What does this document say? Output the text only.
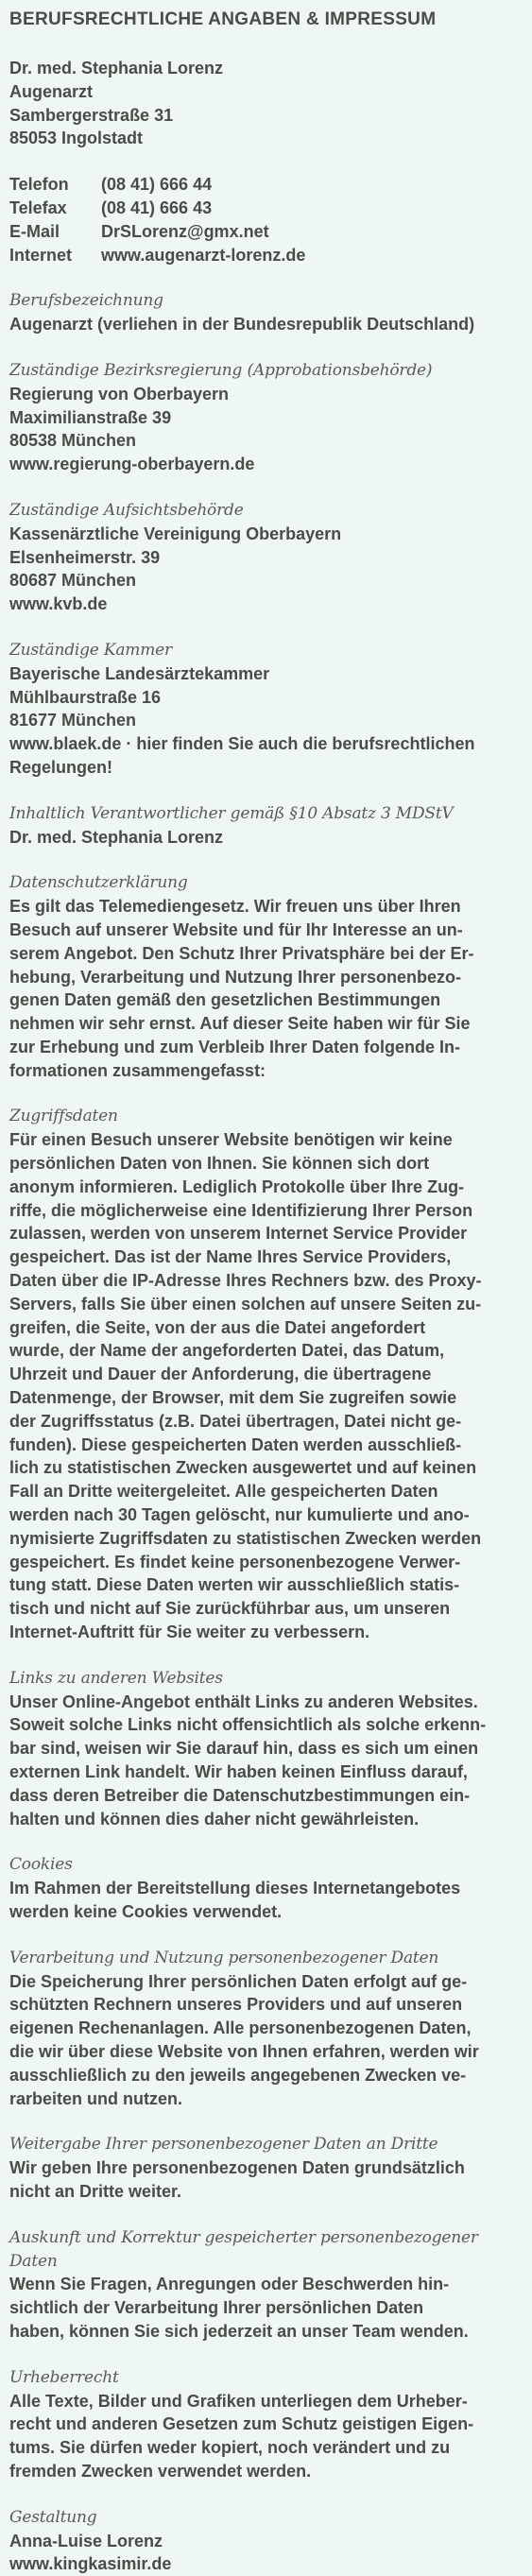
BERUFSRECHTLICHE ANGABEN & IMPRESSUM
Dr. med. Stephania Lorenz
Augenarzt
Sambergerstraße 31
85053 Ingolstadt
Telefon (08 41) 666 44
Telefax (08 41) 666 43
E-Mail DrSLorenz@gmx.net
Internet www.augenarzt-lorenz.de
Berufsbezeichnung
Augenarzt (verliehen in der Bundesrepublik Deutschland)
Zuständige Bezirksregierung (Approbationsbehörde)
Regierung von Oberbayern
Maximilianstraße 39
80538 München
www.regierung-oberbayern.de
Zuständige Aufsichtsbehörde
Kassenärztliche Vereinigung Oberbayern
Elsenheimerstr. 39
80687 München
www.kvb.de
Zuständige Kammer
Bayerische Landesärztekammer
Mühlbaurstraße 16
81677 München
www.blaek.de · hier finden Sie auch die berufsrechtlichen
Regelungen!
Inhaltlich Verantwortlicher gemäß §10 Absatz 3 MDStV
Dr. med. Stephania Lorenz
Datenschutzerklärung
Es gilt das Telemediengesetz. Wir freuen uns über Ihren
Besuch auf unserer Website und für Ihr Interesse an un-
serem Angebot. Den Schutz Ihrer Privatsphäre bei der Er-
hebung, Verarbeitung und Nutzung Ihrer personenbezo-
genen Daten gemäß den gesetzlichen Bestimmungen
nehmen wir sehr ernst. Auf dieser Seite haben wir für Sie
zur Erhebung und zum Verbleib Ihrer Daten folgende In-
formationen zusammengefasst:
Zugriffsdaten
Für einen Besuch unserer Website benötigen wir keine
persönlichen Daten von Ihnen. Sie können sich dort
anonym informieren. Lediglich Protokolle über Ihre Zug-
riffe, die möglicherweise eine Identifizierung Ihrer Person
zulassen, werden von unserem Internet Service Provider
gespeichert. Das ist der Name Ihres Service Providers,
Daten über die IP-Adresse Ihres Rechners bzw. des Proxy-
Servers, falls Sie über einen solchen auf unsere Seiten zu-
greifen, die Seite, von der aus die Datei angefordert
wurde, der Name der angeforderten Datei, das Datum,
Uhrzeit und Dauer der Anforderung, die übertragene
Datenmenge, der Browser, mit dem Sie zugreifen sowie
der Zugriffsstatus (z.B. Datei übertragen, Datei nicht ge-
funden). Diese gespeicherten Daten werden ausschließ-
lich zu statistischen Zwecken ausgewertet und auf keinen
Fall an Dritte weitergeleitet. Alle gespeicherten Daten
werden nach 30 Tagen gelöscht, nur kumulierte und ano-
nymisierte Zugriffsdaten zu statistischen Zwecken werden
gespeichert. Es findet keine personenbezogene Verwer-
tung statt. Diese Daten werten wir ausschließlich statis-
tisch und nicht auf Sie zurückführbar aus, um unseren
Internet-Auftritt für Sie weiter zu verbessern.
Links zu anderen Websites
Unser Online-Angebot enthält Links zu anderen Websites.
Soweit solche Links nicht offensichtlich als solche erkenn-
bar sind, weisen wir Sie darauf hin, dass es sich um einen
externen Link handelt. Wir haben keinen Einfluss darauf,
dass deren Betreiber die Datenschutzbestimmungen ein-
halten und können dies daher nicht gewährleisten.
Cookies
Im Rahmen der Bereitstellung dieses Internetangebotes
werden keine Cookies verwendet.
Verarbeitung und Nutzung personenbezogener Daten
Die Speicherung Ihrer persönlichen Daten erfolgt auf ge-
schützten Rechnern unseres Providers und auf unseren
eigenen Rechenanlagen. Alle personenbezogenen Daten,
die wir über diese Website von Ihnen erfahren, werden wir
ausschließlich zu den jeweils angegebenen Zwecken ve-
rarbeiten und nutzen.
Weitergabe Ihrer personenbezogener Daten an Dritte
Wir geben Ihre personenbezogenen Daten grundsätzlich
nicht an Dritte weiter.
Auskunft und Korrektur gespeicherter personenbezogener Daten
Wenn Sie Fragen, Anregungen oder Beschwerden hin-
sichtlich der Verarbeitung Ihrer persönlichen Daten
haben, können Sie sich jederzeit an unser Team wenden.
Urheberrecht
Alle Texte, Bilder und Grafiken unterliegen dem Urheber-
recht und anderen Gesetzen zum Schutz geistigen Eigen-
tums. Sie dürfen weder kopiert, noch verändert und zu
fremden Zwecken verwendet werden.
Gestaltung
Anna-Luise Lorenz
www.kingkasimir.de
